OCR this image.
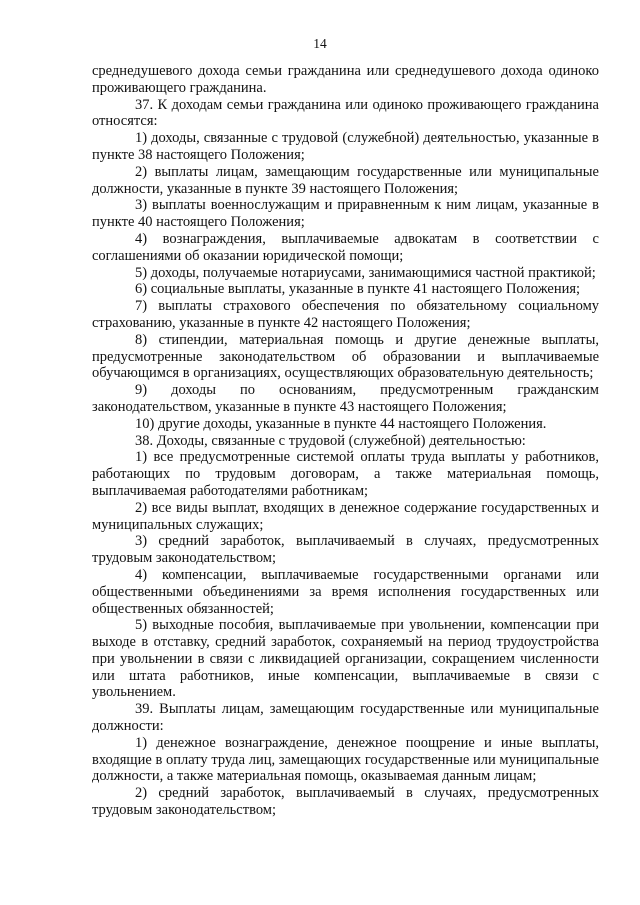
14

среднедушевого дохода семьи гражданина или среднедушевого дохода одиноко проживающего гражданина.

37. К доходам семьи гражданина или одиноко проживающего гражданина относятся:

1) доходы, связанные с трудовой (служебной) деятельностью, указанные в пункте 38 настоящего Положения;

2) выплаты лицам, замещающим государственные или муниципальные должности, указанные в пункте 39 настоящего Положения;

3) выплаты военнослужащим и приравненным к ним лицам, указанные в пункте 40 настоящего Положения;

4) вознаграждения, выплачиваемые адвокатам в соответствии с соглашениями об оказании юридической помощи;

5) доходы, получаемые нотариусами, занимающимися частной практикой;

6) социальные выплаты, указанные в пункте 41 настоящего Положения;

7) выплаты страхового обеспечения по обязательному социальному страхованию, указанные в пункте 42 настоящего Положения;

8) стипендии, материальная помощь и другие денежные выплаты, предусмотренные законодательством об образовании и выплачиваемые обучающимся в организациях, осуществляющих образовательную деятельность;

9) доходы по основаниям, предусмотренным гражданским законодательством, указанные в пункте 43 настоящего Положения;

10) другие доходы, указанные в пункте 44 настоящего Положения.

38. Доходы, связанные с трудовой (служебной) деятельностью:

1) все предусмотренные системой оплаты труда выплаты у работников, работающих по трудовым договорам, а также материальная помощь, выплачиваемая работодателями работникам;

2) все виды выплат, входящих в денежное содержание государственных и муниципальных служащих;

3) средний заработок, выплачиваемый в случаях, предусмотренных трудовым законодательством;

4) компенсации, выплачиваемые государственными органами или общественными объединениями за время исполнения государственных или общественных обязанностей;

5) выходные пособия, выплачиваемые при увольнении, компенсации при выходе в отставку, средний заработок, сохраняемый на период трудоустройства при увольнении в связи с ликвидацией организации, сокращением численности или штата работников, иные компенсации, выплачиваемые в связи с увольнением.

39. Выплаты лицам, замещающим государственные или муниципальные должности:

1) денежное вознаграждение, денежное поощрение и иные выплаты, входящие в оплату труда лиц, замещающих государственные или муниципальные должности, а также материальная помощь, оказываемая данным лицам;

2) средний заработок, выплачиваемый в случаях, предусмотренных трудовым законодательством;
